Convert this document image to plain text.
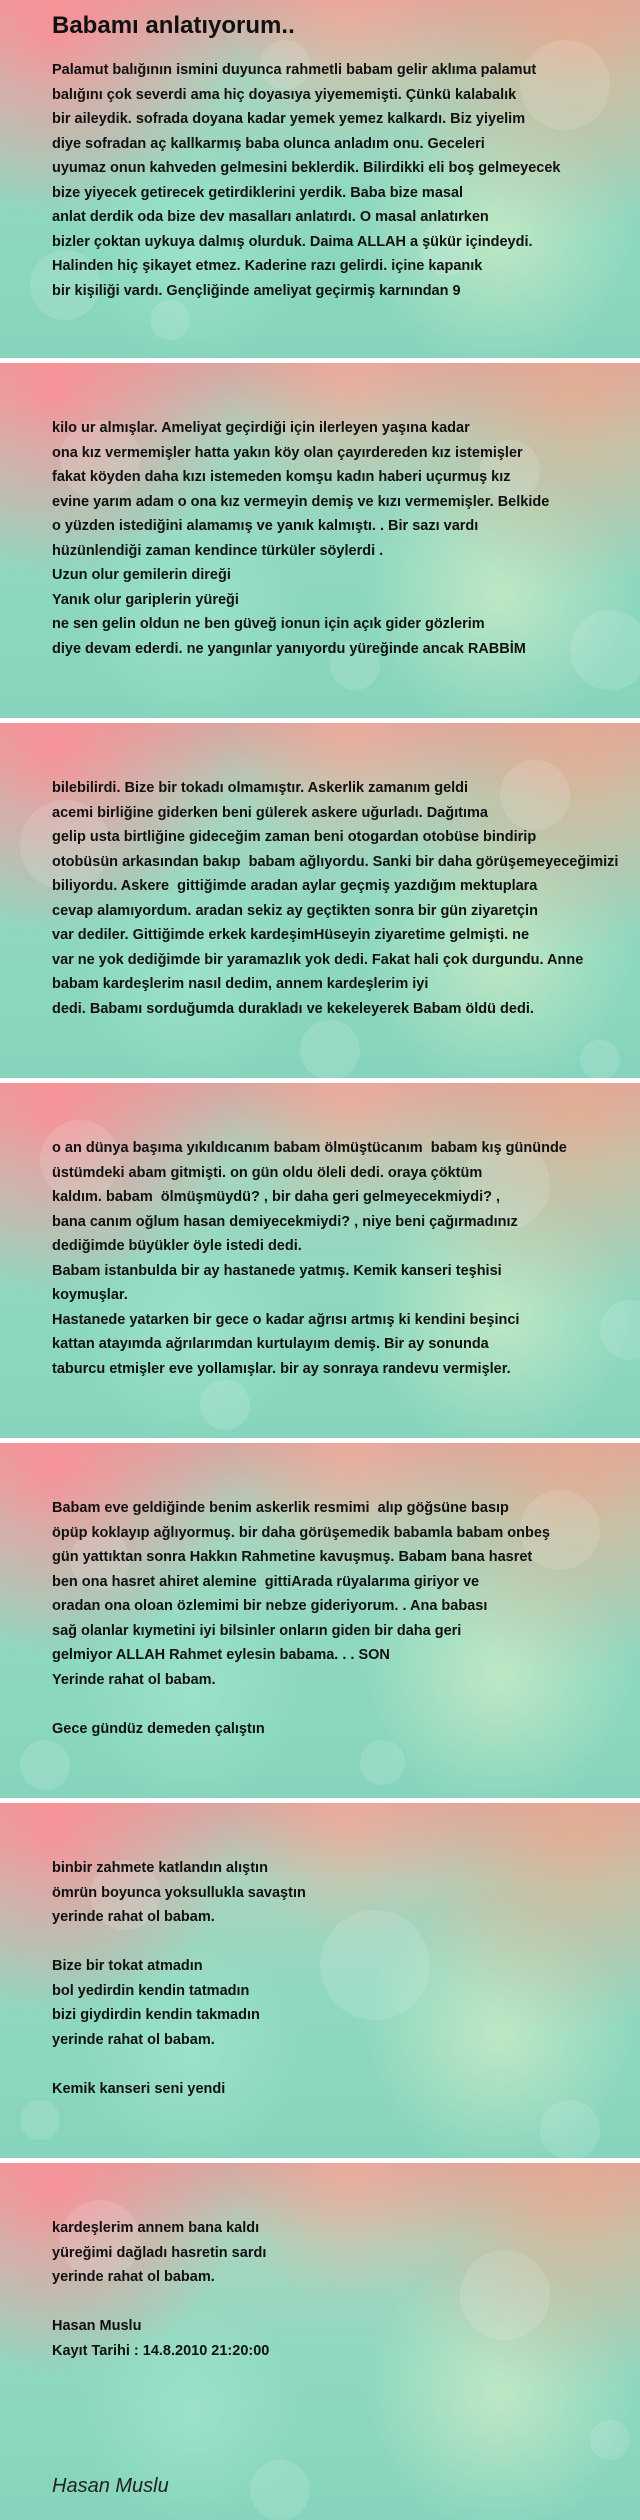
Babamı anlatıyorum..
Palamut balığının ismini duyunca rahmetli babam gelir aklıma palamut
balığını çok severdi ama hiç doyasıya yiyememişti. Çünkü kalabalık
bir aileydik. sofrada doyana kadar yemek yemez kalkardı. Biz yiyelim
diye sofradan aç kallkarmış baba olunca anladım onu. Geceleri
uyumaz onun kahveden gelmesini beklerdik. Bilirdikki eli boş gelmeyecek
bize yiyecek getirecek getirdiklerini yerdik. Baba bize masal
anlat derdik oda bize dev masalları anlatırdı. O masal anlatırken
bizler çoktan uykuya dalmış olurduk. Daima ALLAH a şükür içindeydi.
Halinden hiç şikayet etmez. Kaderine razı gelirdi. içine kapanık
bir kişiliği vardı. Gençliğinde ameliyat geçirmiş karnından 9
kilo ur almışlar. Ameliyat geçirdiği için ilerleyen yaşına kadar
ona kız vermemişler hatta yakın köy olan çayırdereden kız istemişler
fakat köyden daha kızı istemeden komşu kadın haberi uçurmuş kız
evine yarım adam o ona kız vermeyin demiş ve kızı vermemişler. Belkide
o yüzden istediğini alamamış ve yanık kalmıştı. . Bir sazı vardı
hüzünlendiği zaman kendince türküler söylerdi .
Uzun olur gemilerin direği
Yanık olur gariplerin yüreği
ne sen gelin oldun ne ben güveğ ionun için açık gider gözlerim
diye devam ederdi. ne yangınlar yanıyordu yüreğinde ancak RABBİM
bilebilirdi. Bize bir tokadı olmamıştır. Askerlik zamanım geldi
acemi birliğine giderken beni gülerek askere uğurladı. Dağıtıma
gelip usta birtliğine gideceğim zaman beni otogardan otobüse bindirip
otobüsün arkasından bakıp  babam ağlıyordu. Sanki bir daha görüşemeyeceğimizi
biliyordu. Askere  gittiğimde aradan aylar geçmiş yazdığım mektuplara
cevap alamıyordum. aradan sekiz ay geçtikten sonra bir gün ziyaretçin
var dediler. Gittiğimde erkek kardeşimHüseyin ziyaretime gelmişti. ne
var ne yok dediğimde bir yaramazlık yok dedi. Fakat hali çok durgundu. Anne
babam kardeşlerim nasıl dedim, annem kardeşlerim iyi
dedi. Babamı sorduğumda durakladı ve kekeleyerek Babam öldü dedi.
o an dünya başıma yıkıldıcanım babam ölmüştücanım  babam kış gününde
üstümdeki abam gitmişti. on gün oldu öleli dedi. oraya çöktüm
kaldım. babam  ölmüşmüydü? , bir daha geri gelmeyecekmiydi? ,
bana canım oğlum hasan demiyecekmiydi? , niye beni çağırmadınız
dediğimde büyükler öyle istedi dedi.
Babam istanbulda bir ay hastanede yatmış. Kemik kanseri teşhisi
koymuşlar.
Hastanede yatarken bir gece o kadar ağrısı artmış ki kendini beşinci
kattan atayımda ağrılarımdan kurtulayım demiş. Bir ay sonunda
taburcu etmişler eve yollamışlar. bir ay sonraya randevu vermişler.
Babam eve geldiğinde benim askerlik resmimi  alıp göğsüne basıp
öpüp koklayıp ağlıyormuş. bir daha görüşemedik babamla babam onbeş
gün yattıktan sonra Hakkın Rahmetine kavuşmuş. Babam bana hasret
ben ona hasret ahiret alemine  gittiArada rüyalarıma giriyor ve
oradan ona oloan özlemimi bir nebze gideriyorum. . Ana babası
sağ olanlar kıymetini iyi bilsinler onların giden bir daha geri
gelmiyor ALLAH Rahmet eylesin babama. . . SON
Yerinde rahat ol babam.

Gece gündüz demeden çalıştın
binbir zahmete katlandın alıştın
ömrün boyunca yoksullukla savaştın
yerinde rahat ol babam.

Bize bir tokat atmadın
bol yedirdin kendin tatmadın
bizi giydirdin kendin takmadın
yerinde rahat ol babam.

Kemik kanseri seni yendi
kardeşlerim annem bana kaldı
yüreğimi dağladı hasretin sardı
yerinde rahat ol babam.

Hasan Muslu
Kayıt Tarihi : 14.8.2010 21:20:00
Hasan Muslu
